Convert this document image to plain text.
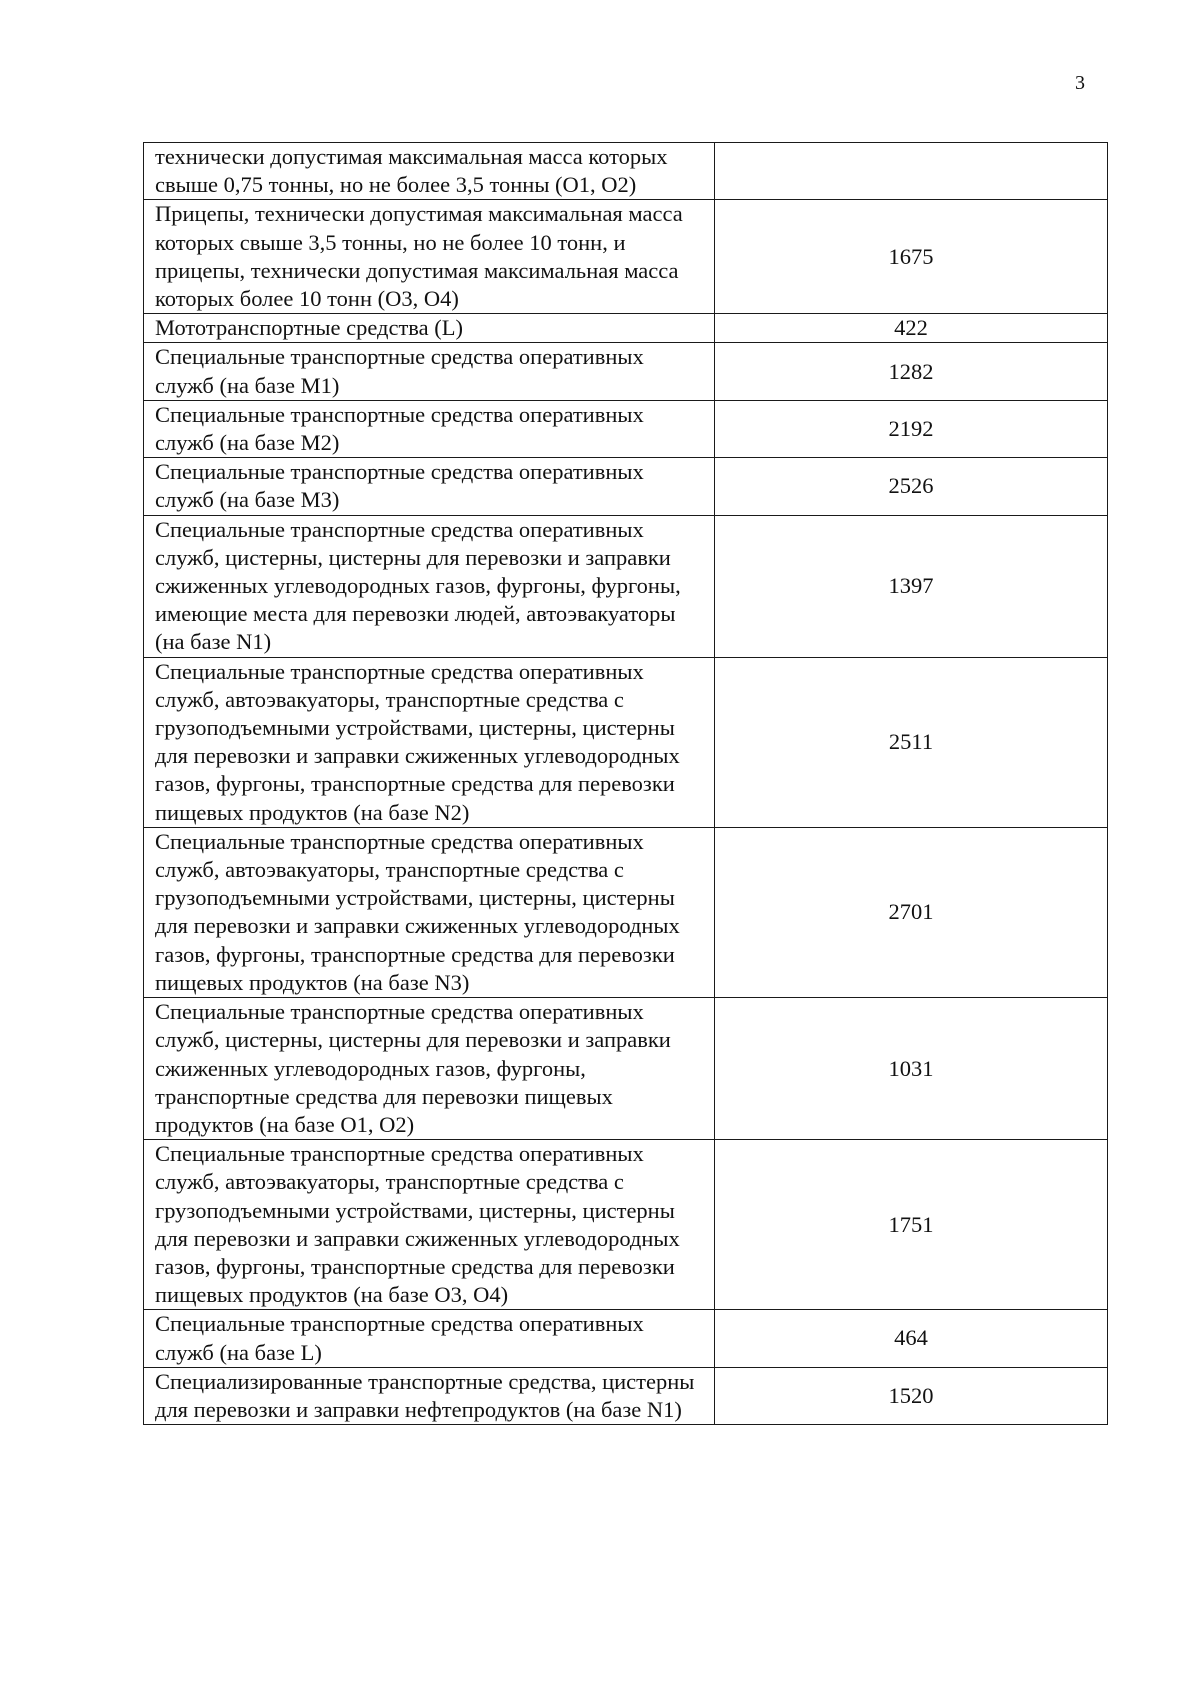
3
технически допустимая максимальная масса которых свыше 0,75 тонны, но не более 3,5 тонны (О1, О2)	
Прицепы, технически допустимая максимальная масса которых свыше 3,5 тонны, но не более 10 тонн, и прицепы, технически допустимая максимальная масса которых более 10 тонн (О3, О4)	1675
Мототранспортные средства (L)	422
Специальные транспортные средства оперативных служб (на базе M1)	1282
Специальные транспортные средства оперативных служб (на базе M2)	2192
Специальные транспортные средства оперативных служб (на базе M3)	2526
Специальные транспортные средства оперативных служб, цистерны, цистерны для перевозки и заправки сжиженных углеводородных газов, фургоны, фургоны, имеющие места для перевозки людей, автоэвакуаторы (на базе N1)	1397
Специальные транспортные средства оперативных служб, автоэвакуаторы, транспортные средства с грузоподъемными устройствами, цистерны, цистерны для перевозки и заправки сжиженных углеводородных газов, фургоны, транспортные средства для перевозки пищевых продуктов (на базе N2)	2511
Специальные транспортные средства оперативных служб, автоэвакуаторы, транспортные средства с грузоподъемными устройствами, цистерны, цистерны для перевозки и заправки сжиженных углеводородных газов, фургоны, транспортные средства для перевозки пищевых продуктов (на базе N3)	2701
Специальные транспортные средства оперативных служб, цистерны, цистерны для перевозки и заправки сжиженных углеводородных газов, фургоны, транспортные средства для перевозки пищевых продуктов (на базе О1, О2)	1031
Специальные транспортные средства оперативных служб, автоэвакуаторы, транспортные средства с грузоподъемными устройствами, цистерны, цистерны для перевозки и заправки сжиженных углеводородных газов, фургоны, транспортные средства для перевозки пищевых продуктов (на базе О3, О4)	1751
Специальные транспортные средства оперативных служб (на базе L)	464
Специализированные транспортные средства, цистерны для перевозки и заправки нефтепродуктов (на базе N1)	1520
